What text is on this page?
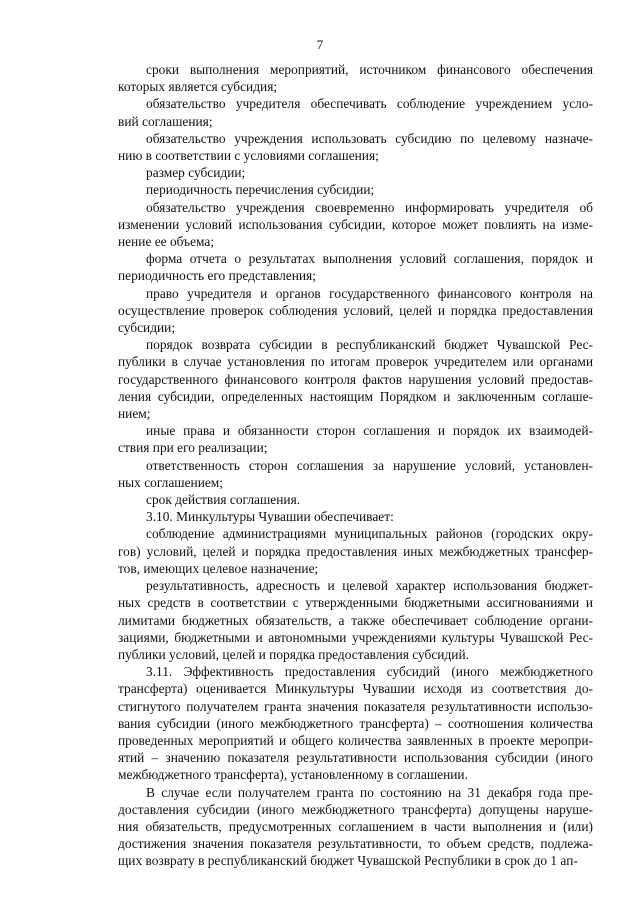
7

сроки выполнения мероприятий, источником финансового обеспечения
которых является субсидия;

обязательство учредителя обеспечивать соблюдение учреждением усло-
вий соглашения;

обязательство учреждения использовать субсидию по целевому назначе-
нию в соответствии с условиями соглашения;

размер субсидии;

периодичность перечисления субсидии;

обязательство учреждения своевременно информировать учредителя об
изменении условий использования субсидии, которое может повлиять на изме-
нение ее объема;

форма отчета о результатах выполнения условий соглашения, порядок и
периодичность его представления;

право учредителя и органов государственного финансового контроля на
осуществление проверок соблюдения условий, целей и порядка предоставления
субсидии;

порядок возврата субсидии в республиканский бюджет Чувашской Рес-
публики в случае установления по итогам проверок учредителем или органами
государственного финансового контроля фактов нарушения условий предостав-
ления субсидии, определенных настоящим Порядком и заключенным соглаше-
нием;

иные права и обязанности сторон соглашения и порядок их взаимодей-
ствия при его реализации;

ответственность сторон соглашения за нарушение условий, установлен-
ных соглашением;

срок действия соглашения.

3.10. Минкультуры Чувашии обеспечивает:

соблюдение администрациями муниципальных районов (городских окру-
гов) условий, целей и порядка предоставления иных межбюджетных трансфер-
тов, имеющих целевое назначение;

результативность, адресность и целевой характер использования бюджет-
ных средств в соответствии с утвержденными бюджетными ассигнованиями и
лимитами бюджетных обязательств, а также обеспечивает соблюдение органи-
зациями, бюджетными и автономными учреждениями культуры Чувашской Рес-
публики условий, целей и порядка предоставления субсидий.

3.11. Эффективность предоставления субсидий (иного межбюджетного
трансферта) оценивается Минкультуры Чувашии исходя из соответствия до-
стигнутого получателем гранта значения показателя результативности использо-
вания субсидии (иного межбюджетного трансферта) – соотношения количества
проведенных мероприятий и общего количества заявленных в проекте меропри-
ятий – значению показателя результативности использования субсидии (иного
межбюджетного трансферта), установленному в соглашении.

В случае если получателем гранта по состоянию на 31 декабря года пре-
доставления субсидии (иного межбюджетного трансферта) допущены наруше-
ния обязательств, предусмотренных соглашением в части выполнения и (или)
достижения значения показателя результативности, то объем средств, подлежа-
щих возврату в республиканский бюджет Чувашской Республики в срок до 1 ап-
